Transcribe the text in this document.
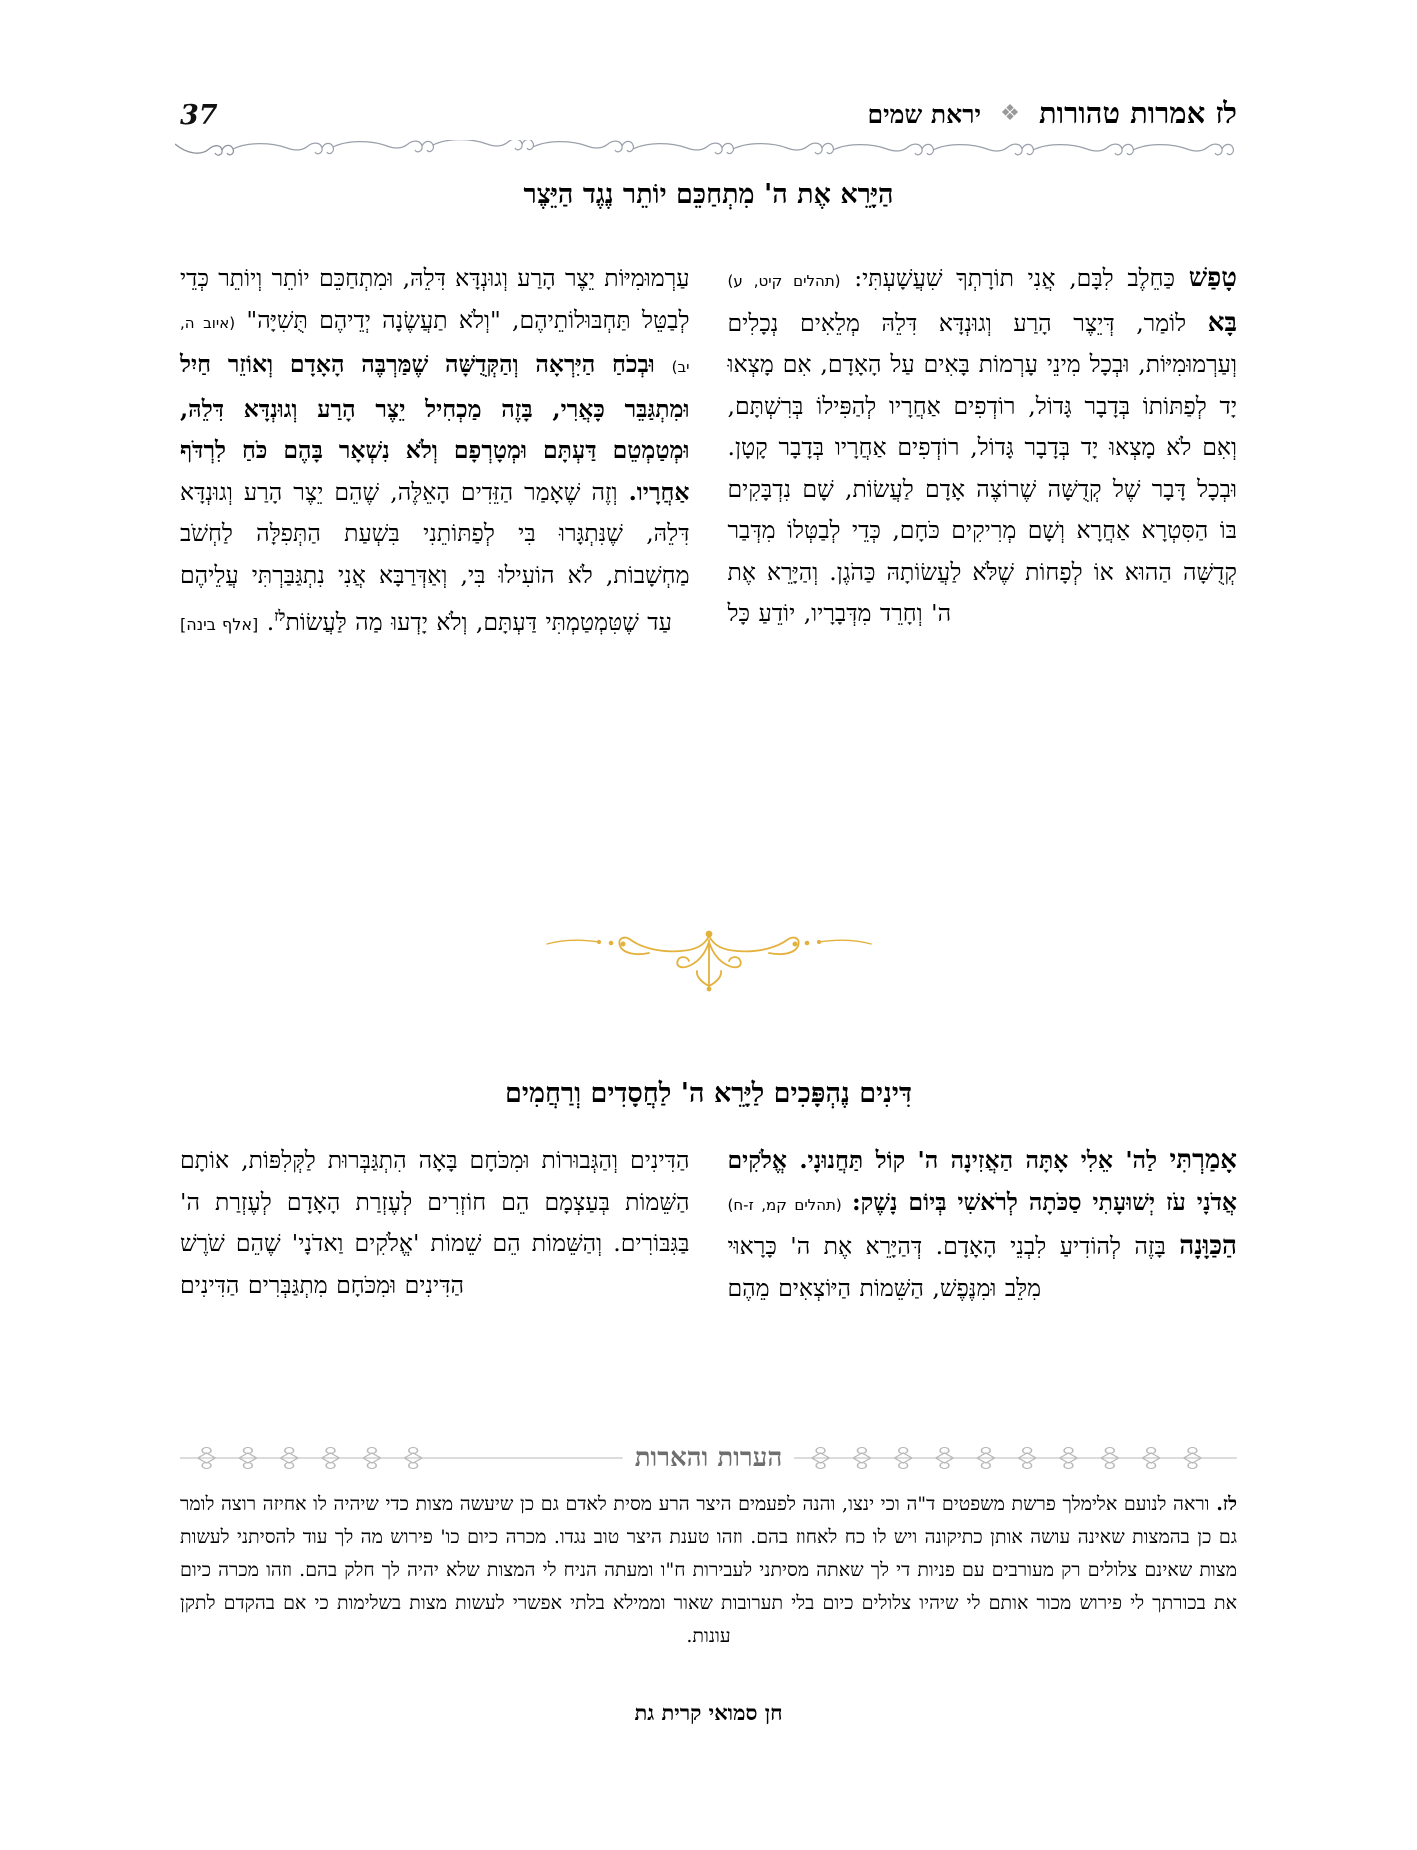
לז אמרות טהורות ❖ יראת שמים
37
הַיָּרֵא אֶת ה' מִתְחַכֵּם יוֹתֵר נֶגֶד הַיֵּצֶר

טָפַשׁ כַּחֵלֶב לִבָּם, אֲנִי תוֹרָתְךָ שִׁעֲשָׁעְתִּי: (תהלים קיט, ע)

בָּא לוֹמַר, דְּיֵצֶר הָרַע וְגוּנְדָּא דִּלֵהּ מְלֵאִים נְכָלִים וְעַרְמוּמִיּוֹת, וּבְכָל מִינֵי עָרְמוֹת בָּאִים עַל הָאָדָם, אִם מָצְאוּ יָד לְפַתּוֹתוֹ בְּדָבָר גָּדוֹל, רוֹדְפִים אַחֲרָיו לְהַפִּילוֹ בְּרִשְׁתָּם, וְאִם לֹא מָצְאוּ יָד בְּדָבָר גָּדוֹל, רוֹדְפִים אַחֲרָיו בְּדָבָר קָטָן. וּבְכָל דָּבָר שֶׁל קְדֻשָּׁה שֶׁרוֹצֶה אָדָם לַעֲשׂוֹת, שָׁם נִדְבָּקִים בּוֹ הַסִּטְרָא אַחֲרָא וְשָׁם מְרִיקִים כֹּחָם, כְּדֵי לְבַטְּלוֹ מִדְּבַר קְדֻשָּׁה הַהוּא אוֹ לְפָחוֹת שֶׁלֹּא לַעֲשׂוֹתָהּ כַּהֹגֶן. וְהַיָּרֵא אֶת ה' וְחָרֵד מִדְּבָרָיו, יוֹדֵעַ כָּל

עַרְמוּמִיּוֹת יֵצֶר הָרַע וְגוּנְדָּא דִּלֵהּ, וּמִתְחַכֵּם יוֹתֵר וְיוֹתֵר כְּדֵי לְבַטֵּל תַּחְבּוּלוֹתֵיהֶם, "וְלֹא תַעֲשֶׂנָה יְדֵיהֶם תֻּשִׁיָּה" (איוב ה, יב) וּבְכֹחַ הַיִּרְאָה וְהַקְּדֻשָּׁה שֶׁמַּרְבֶּה הָאָדָם וְאוֹזֵר חַיִל וּמִתְגַּבֵּר כָּאֲרִי, בָּזֶה מַכְחִיל יֵצֶר הָרַע וְגוּנְדָּא דִּלֵהּ, וּמְטַמְטֵם דַּעְתָּם וּמְטָרְפָם וְלֹא נִשְׁאָר בָּהֶם כֹּחַ לִרְדֹּף אַחֲרָיו. וְזֶה שֶׁאָמַר הַזֵּדִים הָאֵלֶּה, שֶׁהֵם יֵצֶר הָרַע וְגוּנְדָּא דִּלֵהּ, שֶׁנִּתְגָּרוּ בִּי לְפַתּוֹתֵנִי בִּשְׁעַת הַתְּפִלָּה לַחְשֹׁב מַחְשָׁבוֹת, לֹא הוֹעִילוּ בִּי, וְאַדְּרַבָּא אֲנִי נִתְגַּבַּרְתִּי עֲלֵיהֶם עַד שֶׁטִּמְטַמְתִּי דַּעְתָּם, וְלֹא יָדְעוּ מַה לַּעֲשׂוֹת$^{לז}$. [אלף בינה]

דִּינִים נֶהְפָּכִים לַיָּרֵא ה' לַחֲסָדִים וְרַחֲמִים

אָמַרְתִּי לַה' אֵלִי אָתָּה הַאֲזִינָה ה' קוֹל תַּחֲנוּנָי. אֱלֹקִים אֲדֹנָי עֹז יְשׁוּעָתִי סַכֹּתָה לְרֹאשִׁי בְּיוֹם נָשֶׁק: (תהלים קמ, ז-ח)

הַכַּוָּנָה בָּזֶה לְהוֹדִיעַ לִבְנֵי הָאָדָם. דְּהַיָּרֵא אֶת ה' כָּרָאוּי מִלֵּב וּמִנֶּפֶשׁ, הַשֵּׁמוֹת הַיּוֹצְאִים מֵהֶם

הַדִּינִים וְהַגְּבוּרוֹת וּמִכֹּחָם בָּאָה הִתְגַּבְּרוּת לַקְּלִפּוֹת, אוֹתָם הַשֵּׁמוֹת בְּעַצְמָם הֵם חוֹזְרִים לְעֶזְרַת הָאָדָם לְעֶזְרַת ה' בַּגִּבּוֹרִים. וְהַשֵּׁמוֹת הֵם שֵׁמוֹת 'אֱלֹקִים וַאדֹנָי' שֶׁהֵם שֹׁרֶשׁ הַדִּינִים וּמִכֹּחָם מִתְגַּבְּרִים הַדִּינִים

הערות והארות
לז. וראה לנועם אלימלך פרשת משפטים ד"ה וכי ינצו, והנה לפעמים היצר הרע מסית לאדם גם כן שיעשה מצות כדי שיהיה לו אחיזה רוצה לומר גם כן בהמצות שאינה עושה אותן כתיקונה ויש לו כח לאחוז בהם. וזהו טענת היצר טוב נגדו. מכרה כיום כו' פירוש מה לך עוד להסיתני לעשות מצות שאינם צלולים רק מעורבים עם פניות די לך שאתה מסיתני לעבירות ח"ו ומעתה הניח לי המצות שלא יהיה לך חלק בהם. וזהו מכרה כיום את בכורתך לי פירוש מכור אותם לי שיהיו צלולים כיום בלי תערובות שאור וממילא בלתי אפשרי לעשות מצות בשלימות כי אם בהקדם לתקן עונות.
חן סמואי קרית גת
